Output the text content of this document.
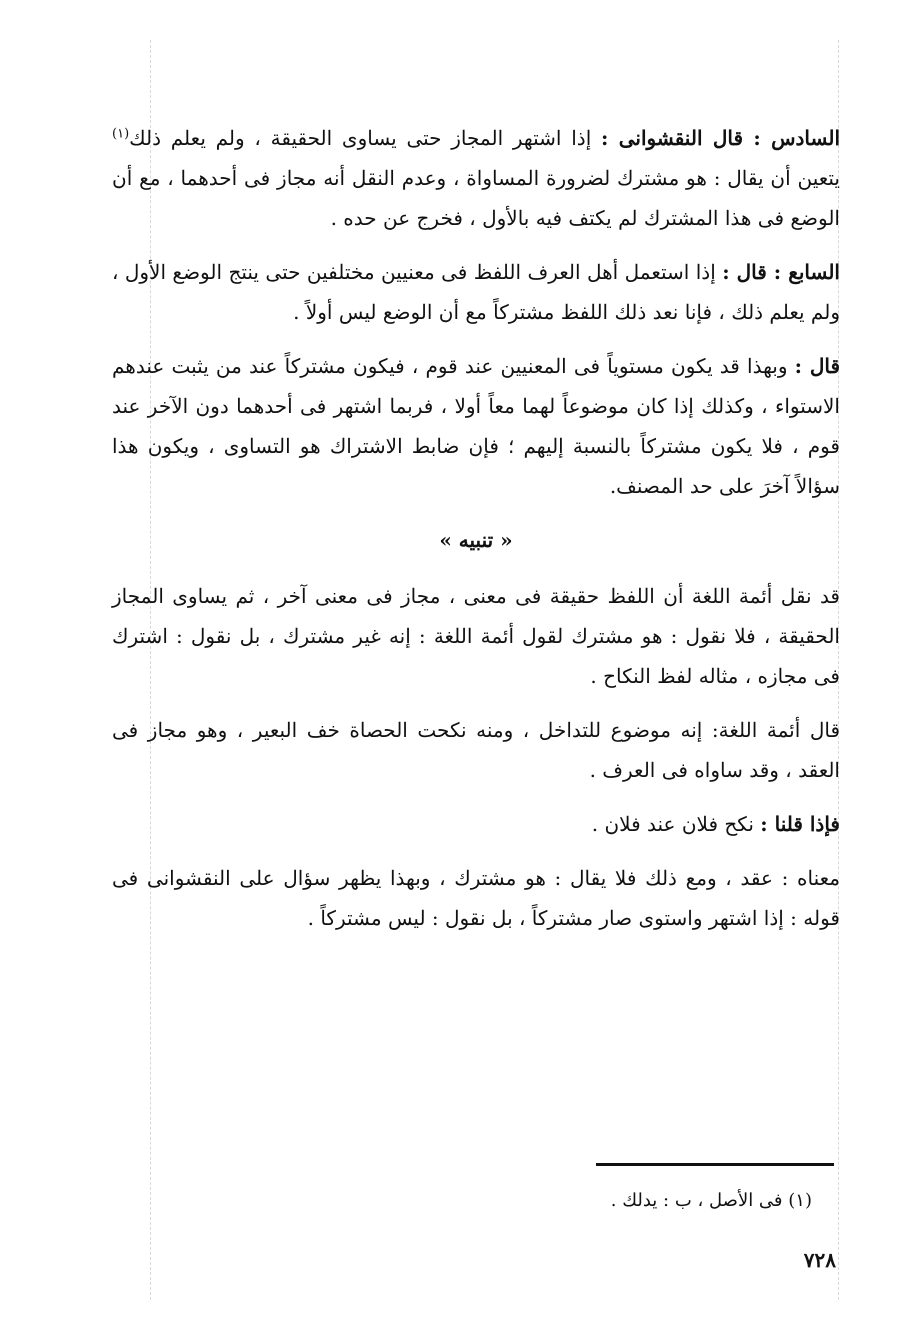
السادس : قال النقشوانى : إذا اشتهر المجاز حتى يساوى الحقيقة ، ولم يعلم ذلك$^{(١)}$ يتعين أن يقال : هو مشترك لضرورة المساواة ، وعدم النقل أنه مجاز فى أحدهما ، مع أن الوضع فى هذا المشترك لم يكتف فيه بالأول ، فخرج عن حده .

السابع : قال : إذا استعمل أهل العرف اللفظ فى معنيين مختلفين حتى ينتج الوضع الأول ، ولم يعلم ذلك ، فإنا نعد ذلك اللفظ مشتركاً مع أن الوضع ليس أولاً .

قال : وبهذا قد يكون مستوياً فى المعنيين عند قوم ، فيكون مشتركاً عند من يثبت عندهم الاستواء ، وكذلك إذا كان موضوعاً لهما معاً أولا ، فربما اشتهر فى أحدهما دون الآخر عند قوم ، فلا يكون مشتركاً بالنسبة إليهم ؛ فإن ضابط الاشتراك هو التساوى ، ويكون هذا سؤالاً آخرَ على حد المصنف.

« تنبيه »

قد نقل أئمة اللغة أن اللفظ حقيقة فى معنى ، مجاز فى معنى آخر ، ثم يساوى المجاز الحقيقة ، فلا نقول : هو مشترك لقول أئمة اللغة : إنه غير مشترك ، بل نقول : اشترك فى مجازه ، مثاله لفظ النكاح .

قال أئمة اللغة: إنه موضوع للتداخل ، ومنه نكحت الحصاة خف البعير ، وهو مجاز فى العقد ، وقد ساواه فى العرف .

فإذا قلنا : نكح فلان عند فلان .

معناه : عقد ، ومع ذلك فلا يقال : هو مشترك ، وبهذا يظهر سؤال على النقشوانى فى قوله : إذا اشتهر واستوى صار مشتركاً ، بل نقول : ليس مشتركاً .

(١) فى الأصل ، ب : يدلك .
٧٢٨
